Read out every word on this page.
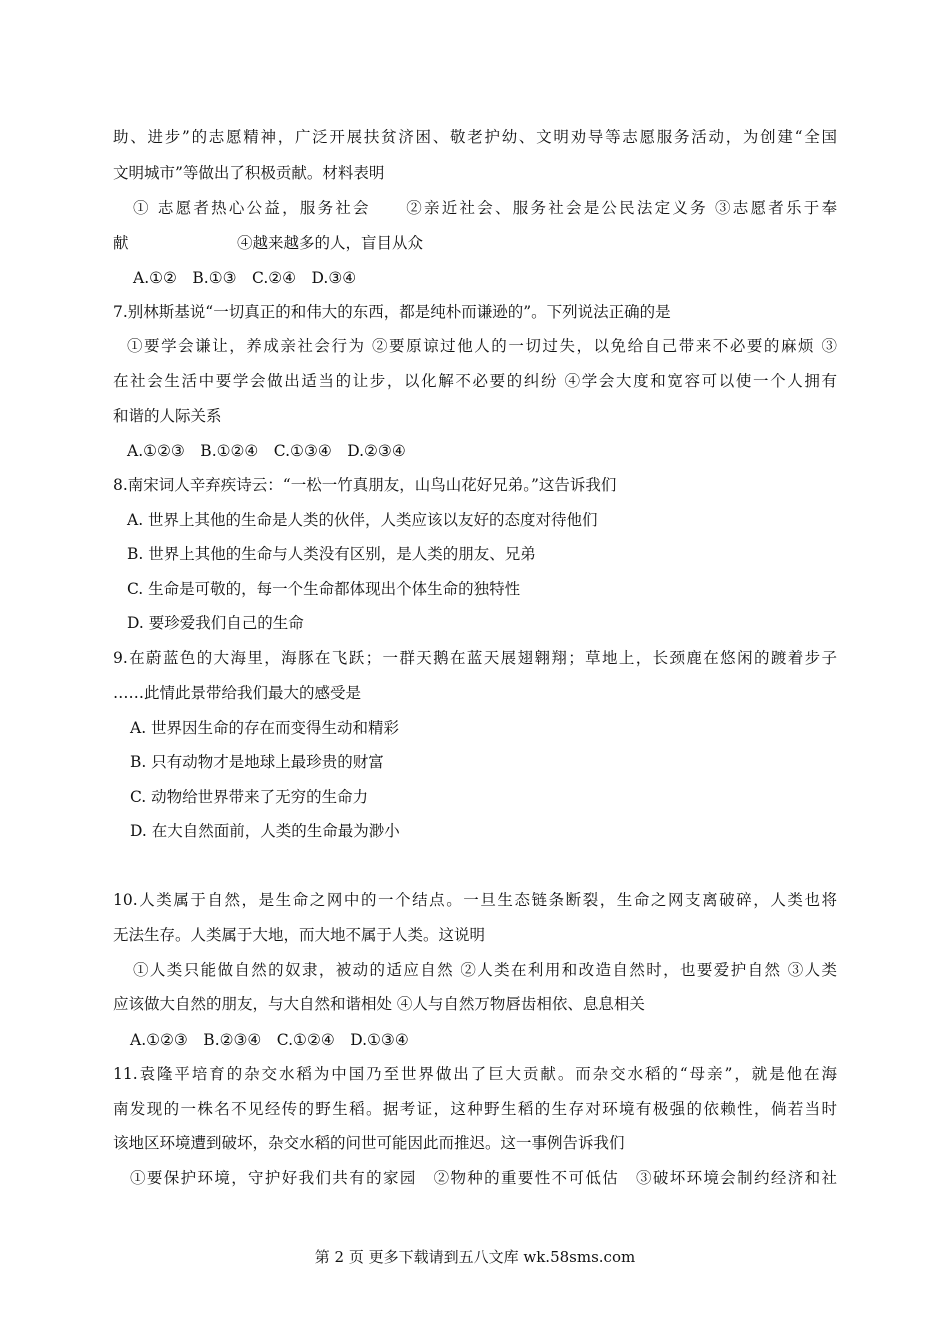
助、进步”的志愿精神，广泛开展扶贫济困、敬老护幼、文明劝导等志愿服务活动，为创建“全国
文明城市”等做出了积极贡献。材料表明
① 志愿者热心公益，服务社会　　②亲近社会、服务社会是公民法定义务 ③志愿者乐于奉
献　　　　　　　④越来越多的人，盲目从众
A.①②　B.①③　C.②④　D.③④
7.别林斯基说“一切真正的和伟大的东西，都是纯朴而谦逊的”。下列说法正确的是
①要学会谦让，养成亲社会行为 ②要原谅过他人的一切过失，以免给自己带来不必要的麻烦 ③
在社会生活中要学会做出适当的让步，以化解不必要的纠纷 ④学会大度和宽容可以使一个人拥有
和谐的人际关系
A.①②③　B.①②④　C.①③④　D.②③④
8.南宋词人辛弃疾诗云：“一松一竹真朋友，山鸟山花好兄弟。”这告诉我们
A. 世界上其他的生命是人类的伙伴，人类应该以友好的态度对待他们
B. 世界上其他的生命与人类没有区别，是人类的朋友、兄弟
C. 生命是可敬的，每一个生命都体现出个体生命的独特性
D. 要珍爱我们自己的生命
9.在蔚蓝色的大海里，海豚在飞跃；一群天鹅在蓝天展翅翱翔；草地上，长颈鹿在悠闲的踱着步子
……此情此景带给我们最大的感受是
A. 世界因生命的存在而变得生动和精彩
B. 只有动物才是地球上最珍贵的财富
C. 动物给世界带来了无穷的生命力
D. 在大自然面前，人类的生命最为渺小
10.人类属于自然，是生命之网中的一个结点。一旦生态链条断裂，生命之网支离破碎，人类也将
无法生存。人类属于大地，而大地不属于人类。这说明
①人类只能做自然的奴隶，被动的适应自然 ②人类在利用和改造自然时，也要爱护自然 ③人类
应该做大自然的朋友，与大自然和谐相处 ④人与自然万物唇齿相依、息息相关
A.①②③　B.②③④　C.①②④　D.①③④
11.袁隆平培育的杂交水稻为中国乃至世界做出了巨大贡献。而杂交水稻的“母亲”，就是他在海
南发现的一株名不见经传的野生稻。据考证，这种野生稻的生存对环境有极强的依赖性，倘若当时
该地区环境遭到破坏，杂交水稻的问世可能因此而推迟。这一事例告诉我们
①要保护环境，守护好我们共有的家园　②物种的重要性不可低估　③破坏环境会制约经济和社
第 2 页 更多下载请到五八文库 wk.58sms.com
